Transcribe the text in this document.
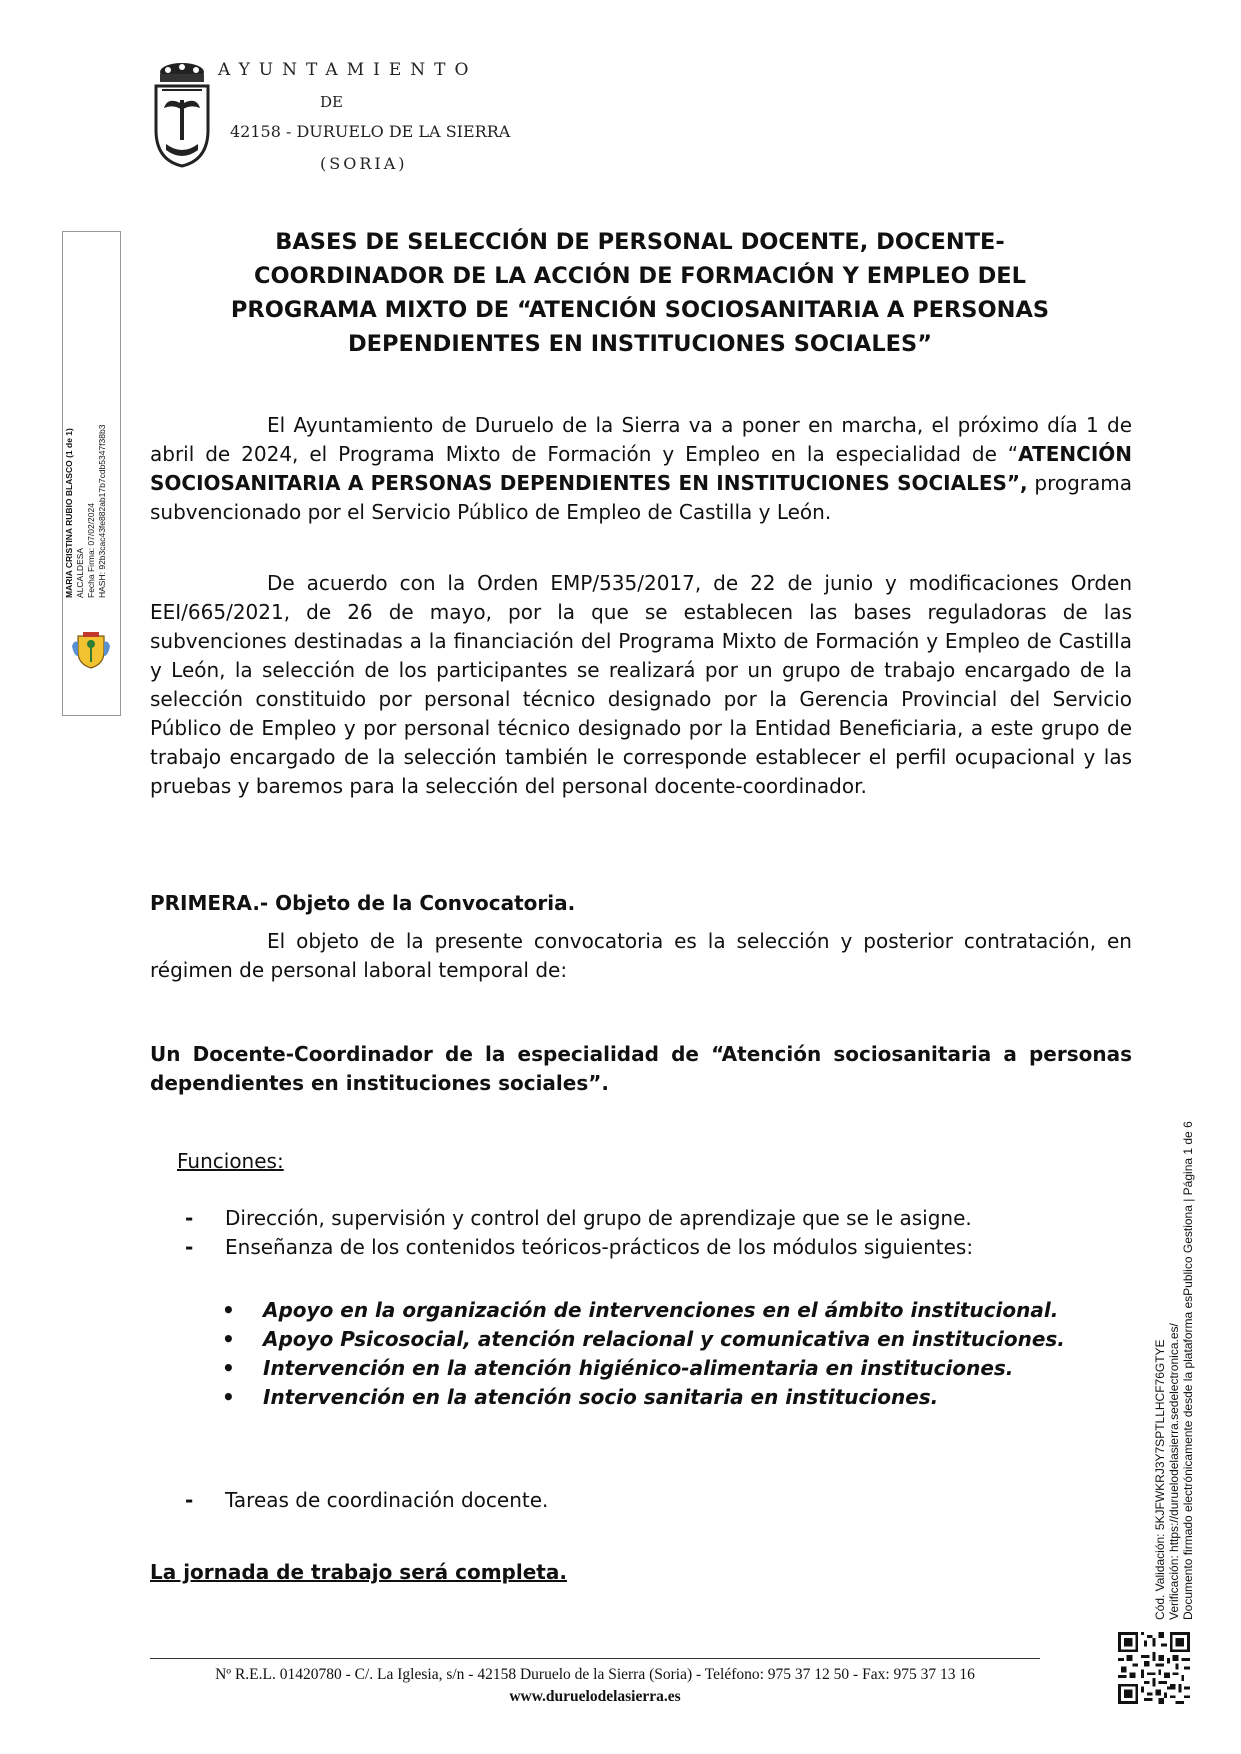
AYUNTAMIENTO
DE
42158 - DURUELO DE LA SIERRA
(SORIA)
MARIA CRISTINA RUBIO BLASCO (1 de 1) ALCALDESA Fecha Firma: 07/02/2024 HASH: 92b3cac43fe882ab17b7cdb5347f38b3
BASES DE SELECCIÓN DE PERSONAL DOCENTE, DOCENTE-
COORDINADOR DE LA ACCIÓN DE FORMACIÓN Y EMPLEO DEL
PROGRAMA MIXTO DE “ATENCIÓN SOCIOSANITARIA A PERSONAS
DEPENDIENTES EN INSTITUCIONES SOCIALES”

El Ayuntamiento de Duruelo de la Sierra va a poner en marcha, el próximo día 1 de abril de 2024, el Programa Mixto de Formación y Empleo en la especialidad de “ATENCIÓN SOCIOSANITARIA A PERSONAS DEPENDIENTES EN INSTITUCIONES SOCIALES”, programa subvencionado por el Servicio Público de Empleo de Castilla y León.

De acuerdo con la Orden EMP/535/2017, de 22 de junio y modificaciones Orden EEI/665/2021, de 26 de mayo, por la que se establecen las bases reguladoras de las subvenciones destinadas a la financiación del Programa Mixto de Formación y Empleo de Castilla y León, la selección de los participantes se realizará por un grupo de trabajo encargado de la selección constituido por personal técnico designado por la Gerencia Provincial del Servicio Público de Empleo y por personal técnico designado por la Entidad Beneficiaria, a este grupo de trabajo encargado de la selección también le corresponde establecer el perfil ocupacional y las pruebas y baremos para la selección del personal docente-coordinador.

PRIMERA.- Objeto de la Convocatoria.

El objeto de la presente convocatoria es la selección y posterior contratación, en régimen de personal laboral temporal de:

Un Docente-Coordinador de la especialidad de “Atención sociosanitaria a personas dependientes en instituciones sociales”.

Funciones:

- Dirección, supervisión y control del grupo de aprendizaje que se le asigne.
- Enseñanza de los contenidos teóricos-prácticos de los módulos siguientes:
• Apoyo en la organización de intervenciones en el ámbito institucional.
• Apoyo Psicosocial, atención relacional y comunicativa en instituciones.
• Intervención en la atención higiénico-alimentaria en instituciones.
• Intervención en la atención socio sanitaria en instituciones.
- Tareas de coordinación docente.

La jornada de trabajo será completa.

Nº R.E.L. 01420780 - C/. La Iglesia, s/n - 42158 Duruelo de la Sierra (Soria) - Teléfono: 975 37 12 50 - Fax: 975 37 13 16

www.duruelodelasierra.es

Cód. Validación: 5KJFWKRJ3Y7SPTLLHCF76GTYE Verificación: https://duruelodelasierra.sedelectronica.es/ Documento firmado electrónicamente desde la plataforma esPublico Gestiona | Página 1 de 6
